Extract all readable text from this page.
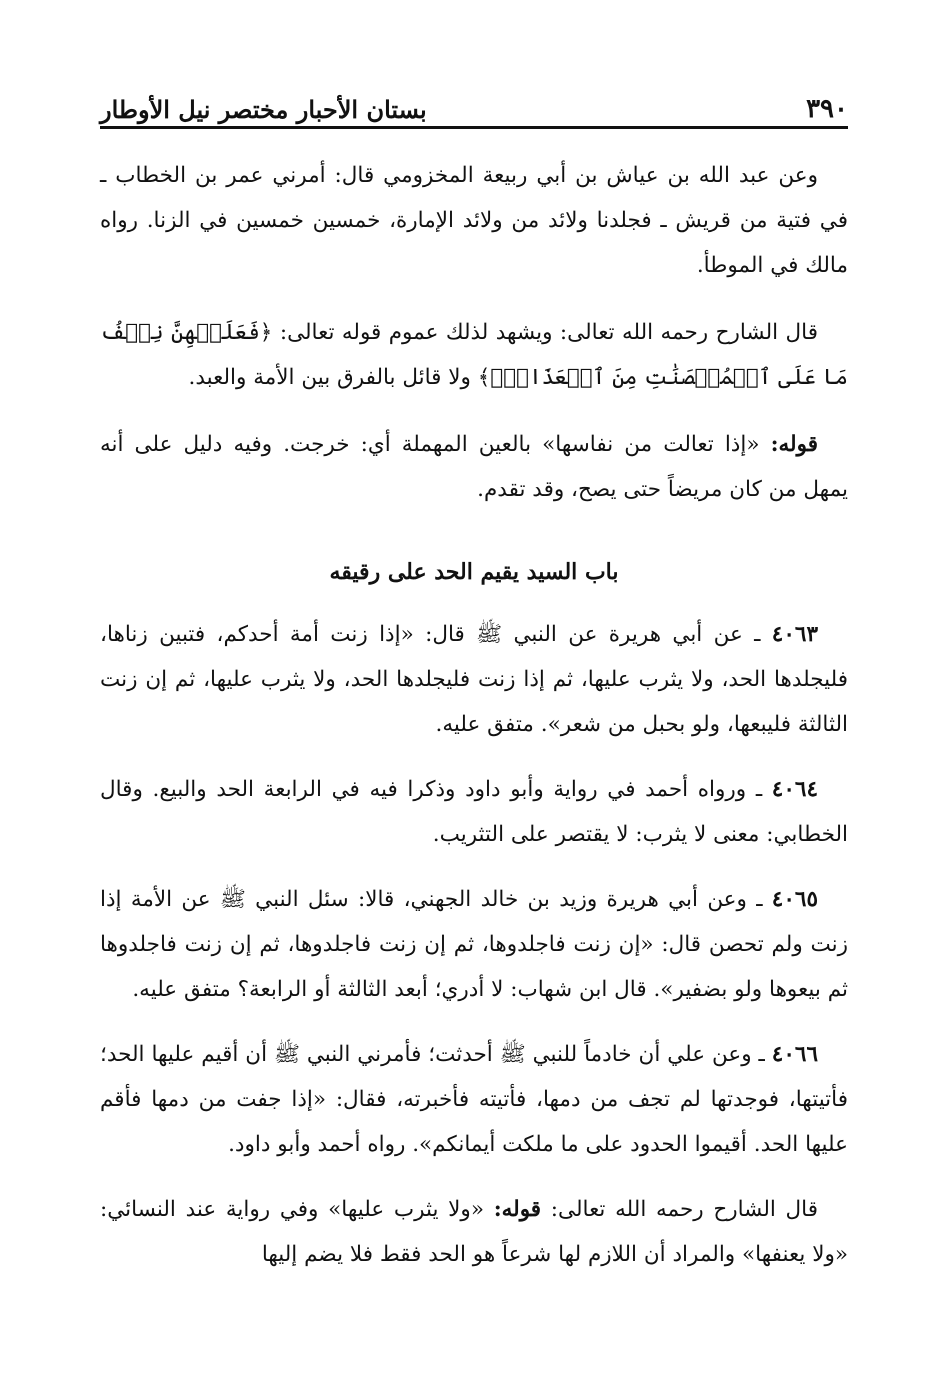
٣٩٠
بستان الأحبار مختصر نيل الأوطار

وعن عبد الله بن عياش بن أبي ربيعة المخزومي قال: أمرني عمر بن الخطاب ـ في فتية من قريش ـ فجلدنا ولائد من ولائد الإمارة، خمسين خمسين في الزنا. رواه مالك في الموطأ.

قال الشارح رحمه الله تعالى: ويشهد لذلك عموم قوله تعالى: ﴿فَعَلَيۡهِنَّ نِصۡفُ مَا عَلَى ٱلۡمُحۡصَنَٰتِ مِنَ ٱلۡعَذَابِۚ﴾ ولا قائل بالفرق بين الأمة والعبد.

قوله: «إذا تعالت من نفاسها» بالعين المهملة أي: خرجت. وفيه دليل على أنه يمهل من كان مريضاً حتى يصح، وقد تقدم.

باب السيد يقيم الحد على رقيقه

٤٠٦٣ ـ عن أبي هريرة عن النبي ﷺ قال: «إذا زنت أمة أحدكم، فتبين زناها، فليجلدها الحد، ولا يثرب عليها، ثم إذا زنت فليجلدها الحد، ولا يثرب عليها، ثم إن زنت الثالثة فليبعها، ولو بحبل من شعر». متفق عليه.

٤٠٦٤ ـ ورواه أحمد في رواية وأبو داود وذكرا فيه في الرابعة الحد والبيع. وقال الخطابي: معنى لا يثرب: لا يقتصر على التثريب.

٤٠٦٥ ـ وعن أبي هريرة وزيد بن خالد الجهني، قالا: سئل النبي ﷺ عن الأمة إذا زنت ولم تحصن قال: «إن زنت فاجلدوها، ثم إن زنت فاجلدوها، ثم إن زنت فاجلدوها ثم بيعوها ولو بضفير». قال ابن شهاب: لا أدري؛ أبعد الثالثة أو الرابعة؟ متفق عليه.

٤٠٦٦ ـ وعن علي أن خادماً للنبي ﷺ أحدثت؛ فأمرني النبي ﷺ أن أقيم عليها الحد؛ فأتيتها، فوجدتها لم تجف من دمها، فأتيته فأخبرته، فقال: «إذا جفت من دمها فأقم عليها الحد. أقيموا الحدود على ما ملكت أيمانكم». رواه أحمد وأبو داود.

قال الشارح رحمه الله تعالى: قوله: «ولا يثرب عليها» وفي رواية عند النسائي: «ولا يعنفها» والمراد أن اللازم لها شرعاً هو الحد فقط فلا يضم إليها
